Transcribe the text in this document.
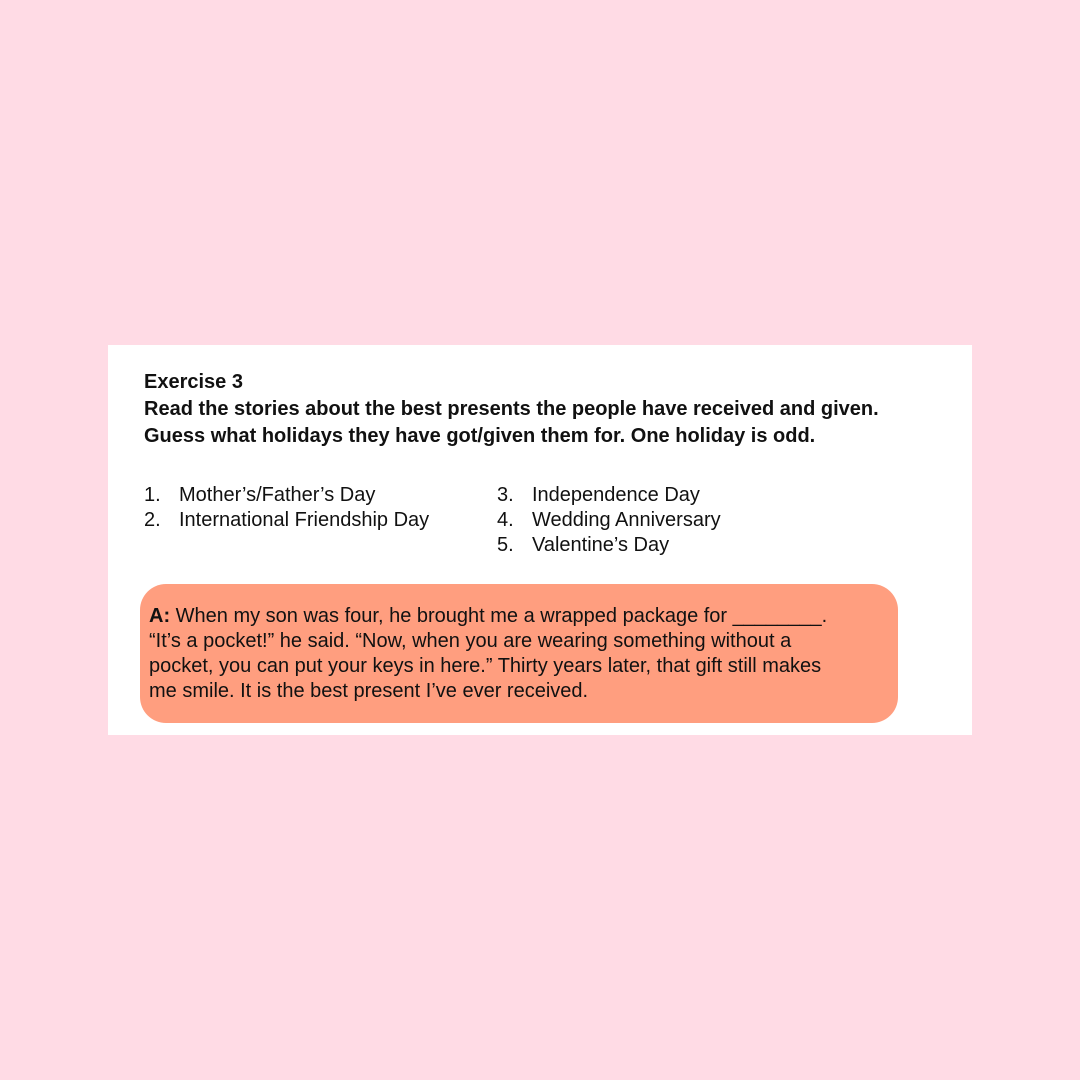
Exercise 3
Read the stories about the best presents the people have received and given.
Guess what holidays they have got/given them for. One holiday is odd.
1. Mother’s/Father’s Day
2. International Friendship Day
3. Independence Day
4. Wedding Anniversary
5. Valentine’s Day
A: When my son was four, he brought me a wrapped package for ________.
“It’s a pocket!” he said. “Now, when you are wearing something without a
pocket, you can put your keys in here.” Thirty years later, that gift still makes
me smile. It is the best present I’ve ever received.
